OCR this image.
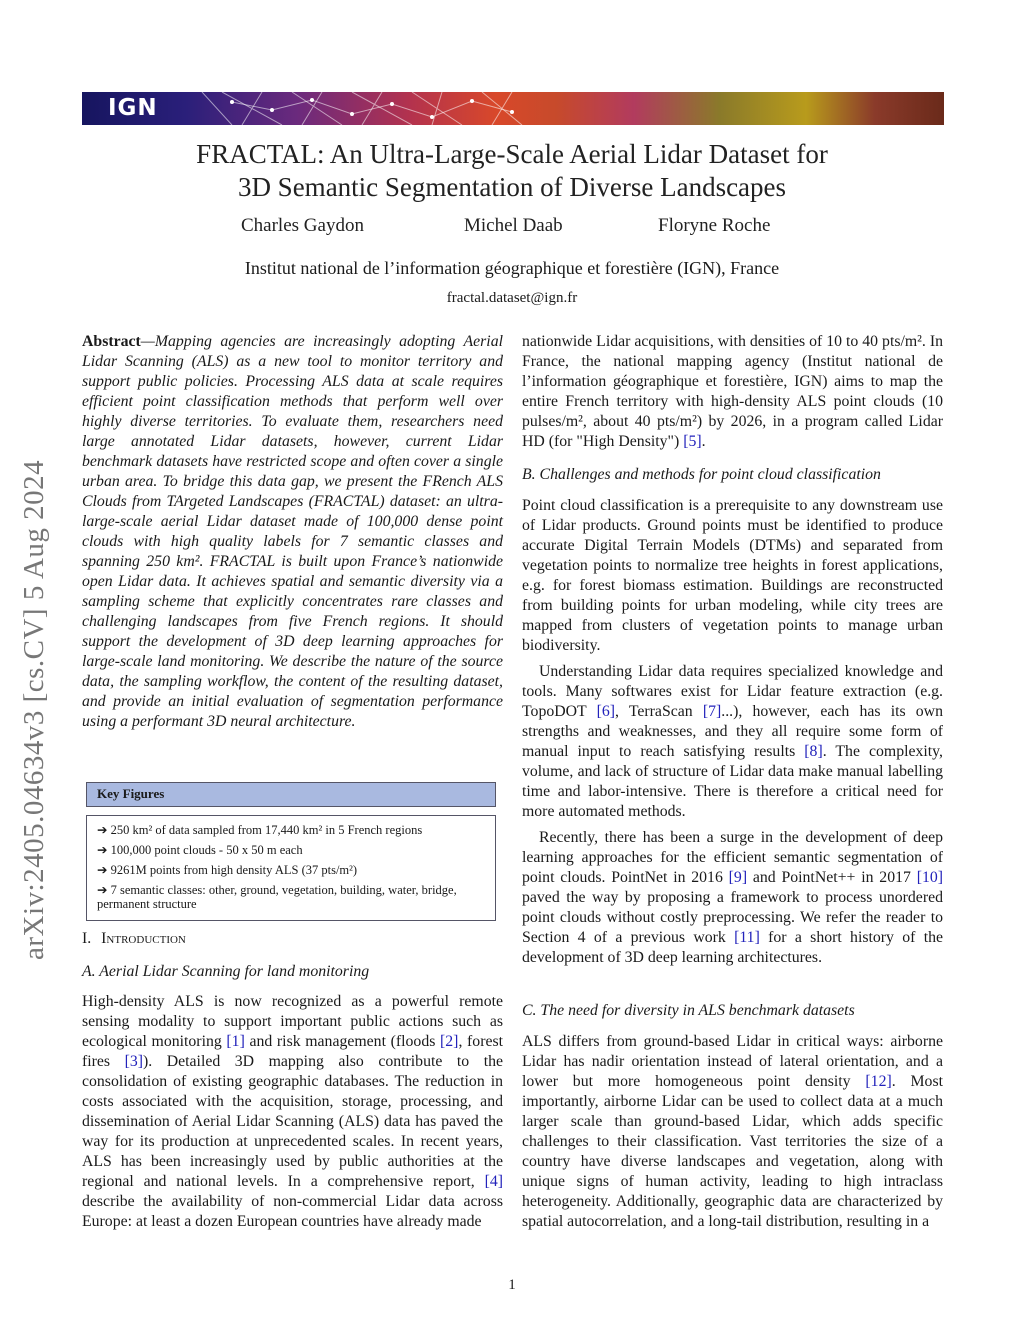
IGN
FRACTAL: An Ultra-Large-Scale Aerial Lidar Dataset for
3D Semantic Segmentation of Diverse Landscapes
Charles Gaydon	Michel Daab	Floryne Roche
Institut national de l’information géographique et forestière (IGN), France
fractal.dataset@ign.fr
arXiv:2405.04634v3 [cs.CV] 5 Aug 2024

Abstract—Mapping agencies are increasingly adopting Aerial Lidar Scanning (ALS) as a new tool to monitor territory and support public policies. Processing ALS data at scale requires efficient point classification methods that perform well over highly diverse territories. To evaluate them, researchers need large annotated Lidar datasets, however, current Lidar benchmark datasets have restricted scope and often cover a single urban area. To bridge this data gap, we present the FRench ALS Clouds from TArgeted Landscapes (FRACTAL) dataset: an ultra-large-scale aerial Lidar dataset made of 100,000 dense point clouds with high quality labels for 7 semantic classes and spanning 250 km². FRACTAL is built upon France’s nationwide open Lidar data. It achieves spatial and semantic diversity via a sampling scheme that explicitly concentrates rare classes and challenging landscapes from five French regions. It should support the development of 3D deep learning approaches for large-scale land monitoring. We describe the nature of the source data, the sampling workflow, the content of the resulting dataset, and provide an initial evaluation of segmentation performance using a performant 3D neural architecture.

Key Figures
➔ 250 km² of data sampled from 17,440 km² in 5 French regions
➔ 100,000 point clouds - 50 x 50 m each
➔ 9261M points from high density ALS (37 pts/m²)
➔ 7 semantic classes: other, ground, vegetation, building, water, bridge, permanent structure
I. Introduction
A. Aerial Lidar Scanning for land monitoring

High-density ALS is now recognized as a powerful remote sensing modality to support important public actions such as ecological monitoring [1] and risk management (floods [2], forest fires [3]). Detailed 3D mapping also contribute to the consolidation of existing geographic databases. The reduction in costs associated with the acquisition, storage, processing, and dissemination of Aerial Lidar Scanning (ALS) data has paved the way for its production at unprecedented scales. In recent years, ALS has been increasingly used by public authorities at the regional and national levels. In a comprehensive report, [4] describe the availability of non-commercial Lidar data across Europe: at least a dozen European countries have already made

nationwide Lidar acquisitions, with densities of 10 to 40 pts/m². In France, the national mapping agency (Institut national de l’information géographique et forestière, IGN) aims to map the entire French territory with high-density ALS point clouds (10 pulses/m², about 40 pts/m²) by 2026, in a program called Lidar HD (for "High Density") [5].

B. Challenges and methods for point cloud classification

Point cloud classification is a prerequisite to any downstream use of Lidar products. Ground points must be identified to produce accurate Digital Terrain Models (DTMs) and separated from vegetation points to normalize tree heights in forest applications, e.g. for forest biomass estimation. Buildings are reconstructed from building points for urban modeling, while city trees are mapped from clusters of vegetation points to manage urban biodiversity.

Understanding Lidar data requires specialized knowledge and tools. Many softwares exist for Lidar feature extraction (e.g. TopoDOT [6], TerraScan [7]...), however, each has its own strengths and weaknesses, and they all require some form of manual input to reach satisfying results [8]. The complexity, volume, and lack of structure of Lidar data make manual labelling time and labor-intensive. There is therefore a critical need for more automated methods.

Recently, there has been a surge in the development of deep learning approaches for the efficient semantic segmentation of point clouds. PointNet in 2016 [9] and PointNet++ in 2017 [10] paved the way by proposing a framework to process unordered point clouds without costly preprocessing. We refer the reader to Section 4 of a previous work [11] for a short history of the development of 3D deep learning architectures.

C. The need for diversity in ALS benchmark datasets

ALS differs from ground-based Lidar in critical ways: airborne Lidar has nadir orientation instead of lateral orientation, and a lower but more homogeneous point density [12]. Most importantly, airborne Lidar can be used to collect data at a much larger scale than ground-based Lidar, which adds specific challenges to their classification. Vast territories the size of a country have diverse landscapes and vegetation, along with unique signs of human activity, leading to high intraclass heterogeneity. Additionally, geographic data are characterized by spatial autocorrelation, and a long-tail distribution, resulting in a

1
